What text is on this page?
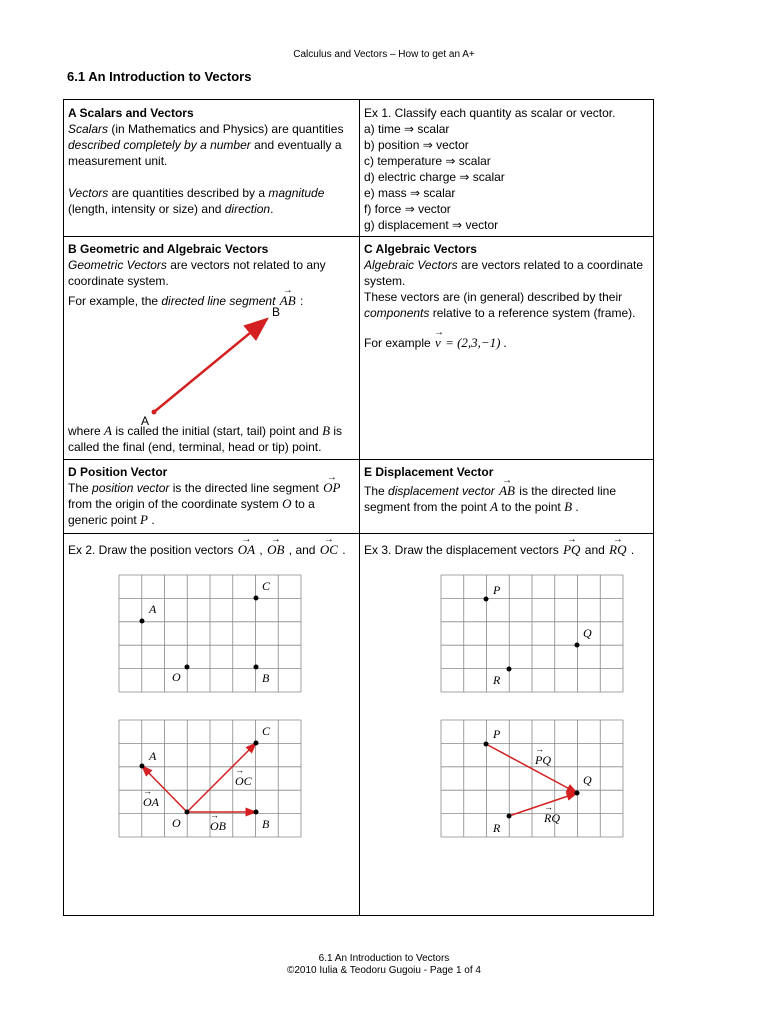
Calculus and Vectors – How to get an A+
6.1 An Introduction to Vectors

A Scalars and Vectors

Scalars (in Mathematics and Physics) are quantities described completely by a number and eventually a measurement unit.

Vectors are quantities described by a magnitude (length, intensity or size) and direction.

Ex 1. Classify each quantity as scalar or vector.

a) time ⇒ scalar

b) position ⇒ vector

c) temperature ⇒ scalar

d) electric charge ⇒ scalar

e) mass ⇒ scalar

f) force ⇒ vector

g) displacement ⇒ vector

B Geometric and Algebraic Vectors

Geometric Vectors are vectors not related to any coordinate system.

For example, the directed line segment → AB :

A
B

where A is called the initial (start, tail) point and B is called the final (end, terminal, head or tip) point.

C Algebraic Vectors

Algebraic Vectors are vectors related to a coordinate system.

These vectors are (in general) described by their components relative to a reference system (frame).

For example → v = (2,3,−1) .

D Position Vector

The position vector is the directed line segment → OP from the origin of the coordinate system O to a generic point P .

E Displacement Vector

The displacement vector → AB is the directed line segment from the point A to the point B .

Ex 2. Draw the position vectors → OA , → OB , and → OC .	Ex 3. Draw the displacement vectors → PQ and → RQ .

A
C
O	B
A
C
O	B
OA
→
OC
→
OB
→
P
Q
R
P
Q
R
PQ
→
RQ
→
6.1 An Introduction to Vectors
©2010 Iulia & Teodoru Gugoiu - Page 1 of 4
